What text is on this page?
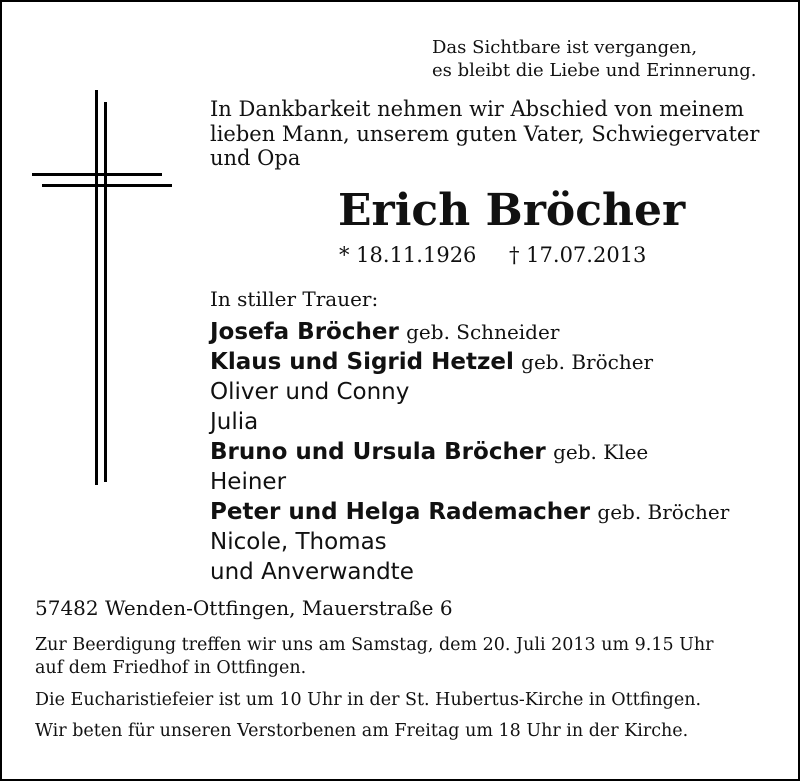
Das Sichtbare ist vergangen,
es bleibt die Liebe und Erinnerung.
In Dankbarkeit nehmen wir Abschied von meinem
lieben Mann, unserem guten Vater, Schwiegervater
und Opa
Erich Bröcher
* 18.11.1926 † 17.07.2013
In stiller Trauer:
Josefa Bröcher geb. Schneider
Klaus und Sigrid Hetzel geb. Bröcher
Oliver und Conny
Julia
Bruno und Ursula Bröcher geb. Klee
Heiner
Peter und Helga Rademacher geb. Bröcher
Nicole, Thomas
und Anverwandte
57482 Wenden-Ottfingen, Mauerstraße 6
Zur Beerdigung treffen wir uns am Samstag, dem 20. Juli 2013 um 9.15 Uhr
auf dem Friedhof in Ottfingen.
Die Eucharistiefeier ist um 10 Uhr in der St. Hubertus-Kirche in Ottfingen.
Wir beten für unseren Verstorbenen am Freitag um 18 Uhr in der Kirche.
